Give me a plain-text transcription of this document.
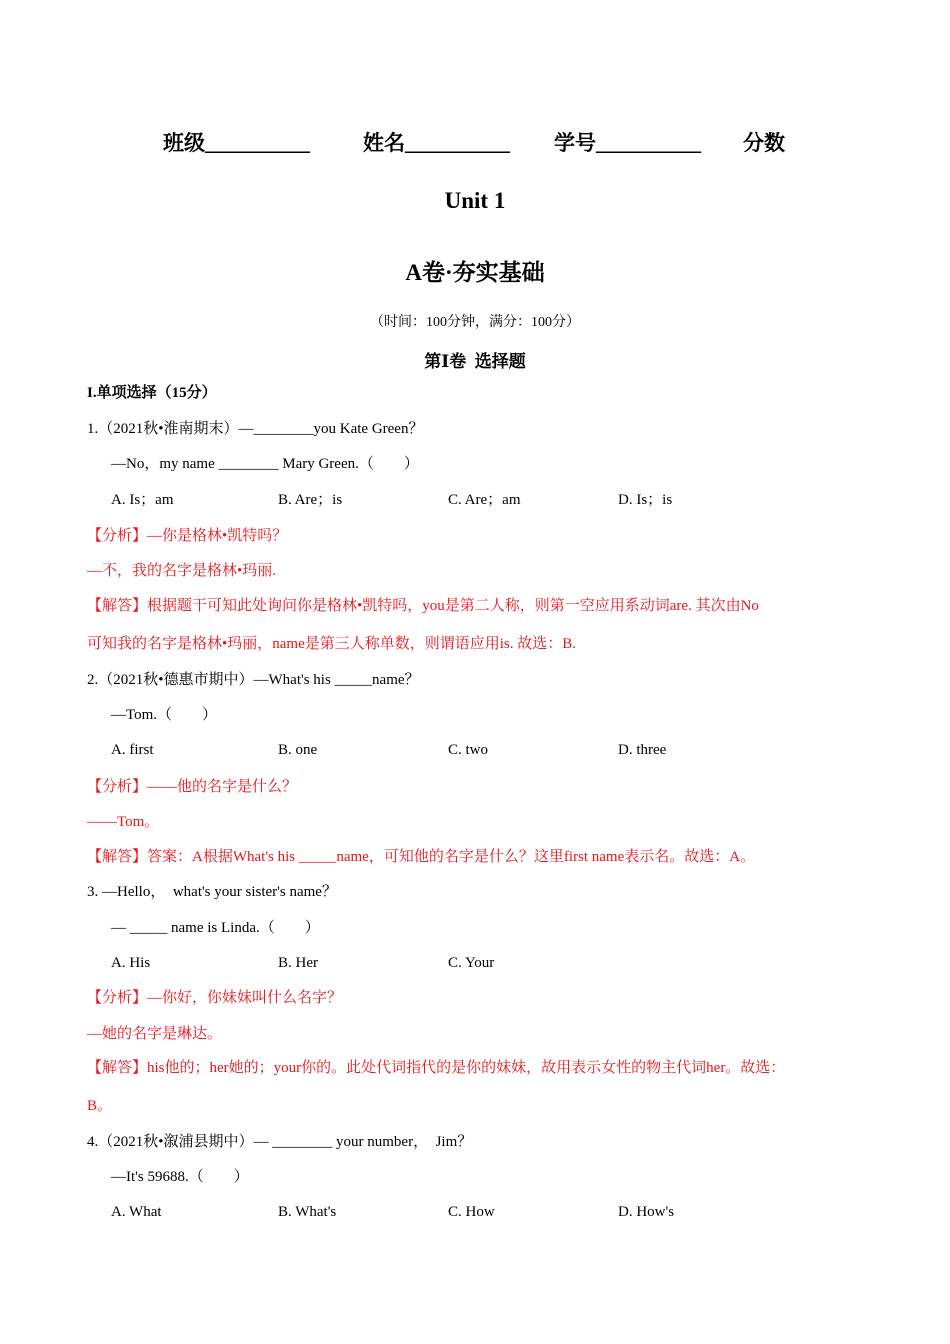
班级__________	姓名__________ 学号__________ 分数
Unit 1
A卷·夯实基础
（时间：100分钟，满分：100分）
第Ⅰ卷  选择题
I.单项选择（15分）
1.（2021秋•淮南期末）—________you Kate Green？
—No，my name ________ Mary Green.（　　）
A. Is；am	B. Are；is	C. Are；am	D. Is；is
【分析】—你是格林•凯特吗？
—不，我的名字是格林•玛丽.
【解答】根据题干可知此处询问你是格林•凯特吗，you是第二人称，则第一空应用系动词are. 其次由No
可知我的名字是格林•玛丽，name是第三人称单数，则谓语应用is. 故选：B.
2.（2021秋•德惠市期中）—What's his _____name？
—Tom.（　　）
A. first	B. one	C. two	D. three
【分析】——他的名字是什么？
——Tom。
【解答】答案：A根据What's his _____name，可知他的名字是什么？这里first name表示名。故选：A。
3. —Hello，  what's your sister's name？
— _____ name is Linda.（　　）
A. His	B. Her	C. Your
【分析】—你好，你妹妹叫什么名字？
—她的名字是琳达。
【解答】his他的；her她的；your你的。此处代词指代的是你的妹妹，故用表示女性的物主代词her。故选：
B。
4.（2021秋•溆浦县期中）— ________ your number，  Jim？
—It's 59688.（　　）
A. What	B. What's	C. How	D. How's
